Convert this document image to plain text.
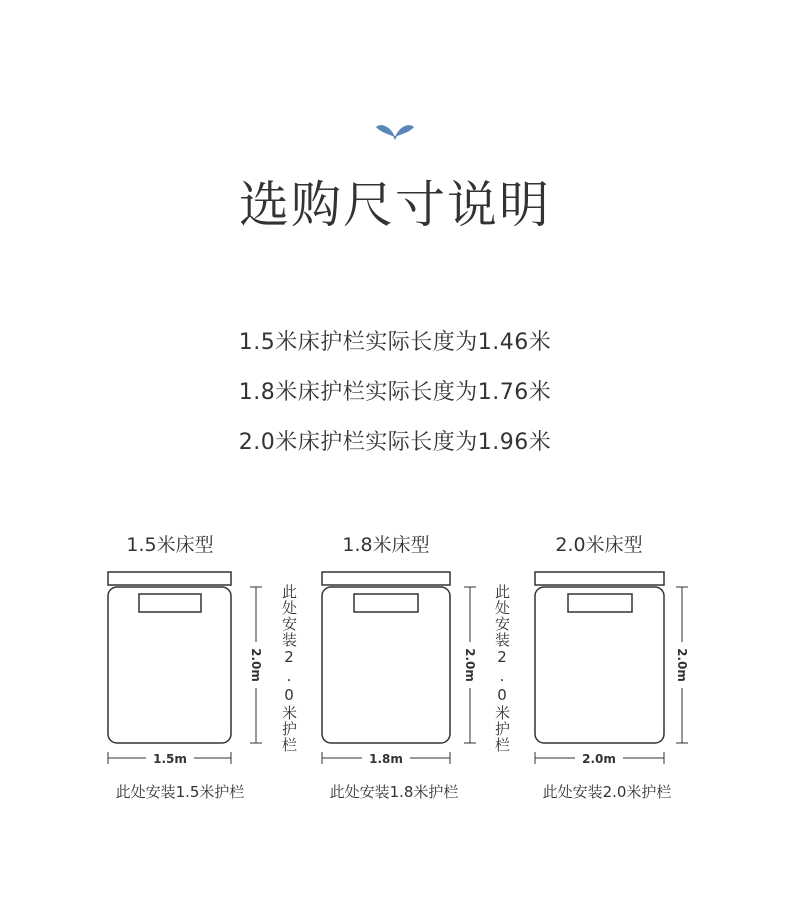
选购尺寸说明
1.5米床护栏实际长度为1.46米
1.8米床护栏实际长度为1.76米
2.0米床护栏实际长度为1.96米
1.5米床型	1.8米床型	2.0米床型
1.5m
2.0m
1.8m
2.0m
2.0m
2.0m
此处安装2.0米护栏	此处安装2.0米护栏
此处安装1.5米护栏	此处安装1.8米护栏	此处安装2.0米护栏
